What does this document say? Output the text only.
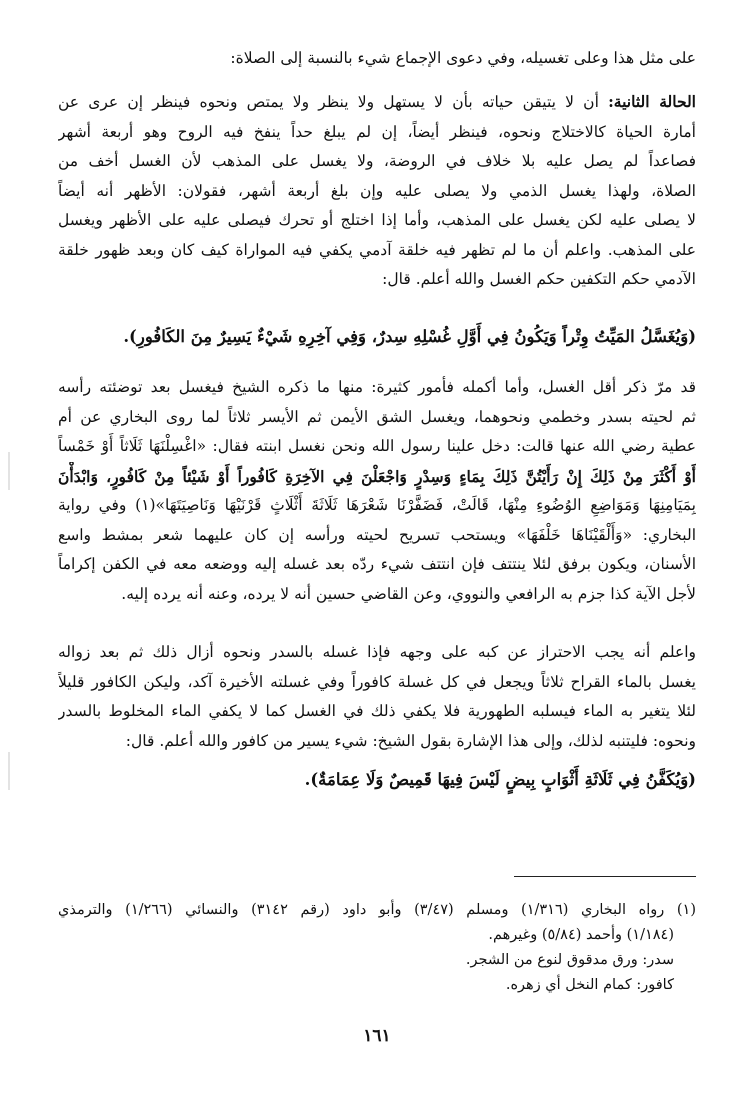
على مثل هذا وعلى تغسيله، وفي دعوى الإجماع شيء بالنسبة إلى الصلاة:
الحالة الثانية: أن لا يتيقن حياته بأن لا يستهل ولا ينظر ولا يمتص ونحوه فينظر إن عرى عن
أمارة الحياة كالاختلاج ونحوه، فينظر أيضاً، إن لم يبلغ حداً ينفخ فيه الروح وهو أربعة أشهر
فصاعداً لم يصل عليه بلا خلاف في الروضة، ولا يغسل على المذهب لأن الغسل أخف من
الصلاة، ولهذا يغسل الذمي ولا يصلى عليه وإن بلغ أربعة أشهر، فقولان: الأظهر أنه أيضاً
لا يصلى عليه لكن يغسل على المذهب، وأما إذا اختلج أو تحرك فيصلى عليه على الأظهر ويغسل
على المذهب. واعلم أن ما لم تظهر فيه خلقة آدمي يكفي فيه المواراة كيف كان وبعد ظهور خلقة
الآدمي حكم التكفين حكم الغسل والله أعلم. قال:
(وَيُغَسَّلُ المَيِّتُ وِتْراً وَيَكُونُ فِي أَوَّلِ غُسْلِهِ سِدرٌ، وَفِي آخِرِهِ شَيْءٌ يَسِيرٌ مِنَ الكَافُورِ).
قد مرّ ذكر أقل الغسل، وأما أكمله فأمور كثيرة: منها ما ذكره الشيخ فيغسل بعد توضئته رأسه
ثم لحيته بسدر وخطمي ونحوهما، ويغسل الشق الأيمن ثم الأيسر ثلاثاً لما روى البخاري عن أم
عطية رضي الله عنها قالت: دخل علينا رسول الله ونحن نغسل ابنته فقال: «اغْسِلْنَهَا ثَلَاثاً أَوْ خَمْساً
أَوْ أَكْثَرَ مِنْ ذَلِكَ إِنْ رَأَيْتُنَّ ذَلِكَ بِمَاءٍ وَسِدْرٍ وَاجْعَلْنَ فِي الآخِرَةِ كَافُوراً أَوْ شَيْئاً مِنْ كَافُورٍ، وَابْدَأْنَ
بِمَيَامِنِهَا وَمَوَاضِعِ الوُضُوءِ مِنْهَا، قَالَتْ، فَضَفَّرْنَا شَعْرَهَا ثَلَاثَةَ أَثْلَاثٍ قَرْنَيْهَا وَنَاصِيَتَهَا»(١) وفي رواية
البخاري: «وَأَلْقَيْنَاهَا خَلْفَهَا» ويستحب تسريح لحيته ورأسه إن كان عليهما شعر بمشط واسع
الأسنان، ويكون برفق لئلا ينتتف فإن انتتف شيء ردّه بعد غسله إليه ووضعه معه في الكفن إكراماً
لأجل الآية كذا جزم به الرافعي والنووي، وعن القاضي حسين أنه لا يرده، وعنه أنه يرده إليه.
واعلم أنه يجب الاحتراز عن كبه على وجهه فإذا غسله بالسدر ونحوه أزال ذلك ثم بعد زواله
يغسل بالماء القراح ثلاثاً ويجعل في كل غسلة كافوراً وفي غسلته الأخيرة آكد، وليكن الكافور قليلاً
لئلا يتغير به الماء فيسلبه الطهورية فلا يكفي ذلك في الغسل كما لا يكفي الماء المخلوط بالسدر
ونحوه: فليتنبه لذلك، وإلى هذا الإشارة بقول الشيخ: شيء يسير من كافور والله أعلم. قال:
(وَيُكَفَّنُ فِي ثَلَاثَةِ أَثْوَابٍ بِيضٍ لَيْسَ فِيهَا قَمِيصٌ وَلَا عِمَامَةٌ).
(١) رواه البخاري (١/٣١٦) ومسلم (٣/٤٧) وأبو داود (رقم ٣١٤٢) والنسائي (١/٢٦٦) والترمذي
(١/١٨٤) وأحمد (٥/٨٤) وغيرهم.
سدر: ورق مدقوق لنوع من الشجر.
كافور: كمام النخل أي زهره.
١٦١
